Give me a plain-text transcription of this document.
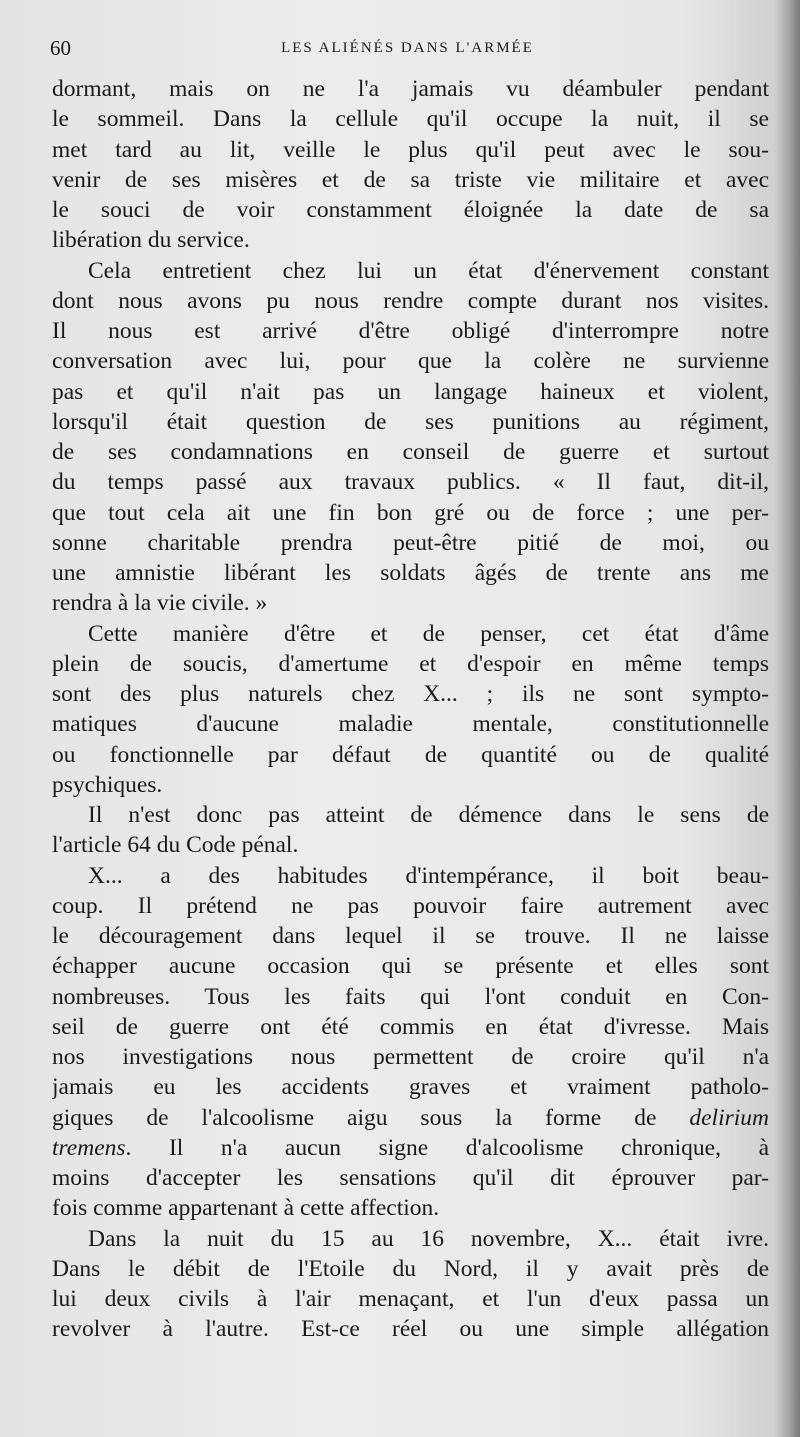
60	LES ALIÉNÉS DANS L'ARMÉE
dormant, mais on ne l'a jamais vu déambuler pendant
le sommeil. Dans la cellule qu'il occupe la nuit, il se
met tard au lit, veille le plus qu'il peut avec le sou-
venir de ses misères et de sa triste vie militaire et avec
le souci de voir constamment éloignée la date de sa
libération du service.
Cela entretient chez lui un état d'énervement constant
dont nous avons pu nous rendre compte durant nos visites.
Il nous est arrivé d'être obligé d'interrompre notre
conversation avec lui, pour que la colère ne survienne
pas et qu'il n'ait pas un langage haineux et violent,
lorsqu'il était question de ses punitions au régiment,
de ses condamnations en conseil de guerre et surtout
du temps passé aux travaux publics. « Il faut, dit-il,
que tout cela ait une fin bon gré ou de force ; une per-
sonne charitable prendra peut-être pitié de moi, ou
une amnistie libérant les soldats âgés de trente ans me
rendra à la vie civile. »
Cette manière d'être et de penser, cet état d'âme
plein de soucis, d'amertume et d'espoir en même temps
sont des plus naturels chez X... ; ils ne sont sympto-
matiques d'aucune maladie mentale, constitutionnelle
ou fonctionnelle par défaut de quantité ou de qualité
psychiques.
Il n'est donc pas atteint de démence dans le sens de
l'article 64 du Code pénal.
X... a des habitudes d'intempérance, il boit beau-
coup. Il prétend ne pas pouvoir faire autrement avec
le découragement dans lequel il se trouve. Il ne laisse
échapper aucune occasion qui se présente et elles sont
nombreuses. Tous les faits qui l'ont conduit en Con-
seil de guerre ont été commis en état d'ivresse. Mais
nos investigations nous permettent de croire qu'il n'a
jamais eu les accidents graves et vraiment patholo-
giques de l'alcoolisme aigu sous la forme de delirium
tremens. Il n'a aucun signe d'alcoolisme chronique, à
moins d'accepter les sensations qu'il dit éprouver par-
fois comme appartenant à cette affection.
Dans la nuit du 15 au 16 novembre, X... était ivre.
Dans le débit de l'Etoile du Nord, il y avait près de
lui deux civils à l'air menaçant, et l'un d'eux passa un
revolver à l'autre. Est-ce réel ou une simple allégation
